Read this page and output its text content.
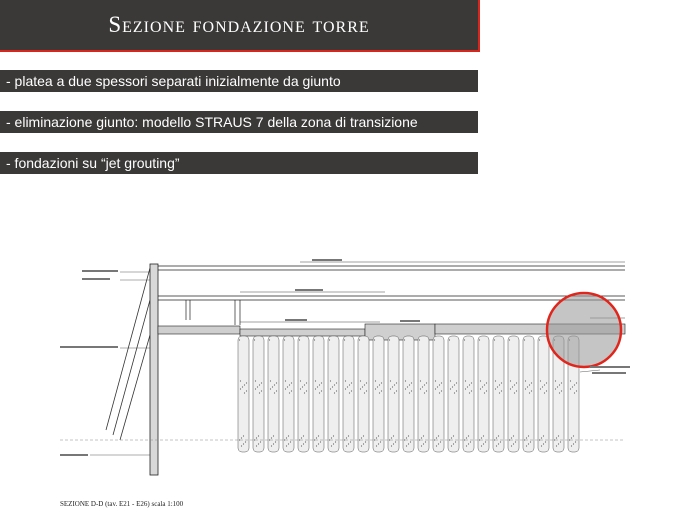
Sezione fondazione torre
- platea a due spessori separati inizialmente da giunto
- eliminazione giunto: modello STRAUS 7 della zona di transizione
- fondazioni su “jet grouting”
SEZIONE D-D (tav. E21 - E26) scala 1:100
